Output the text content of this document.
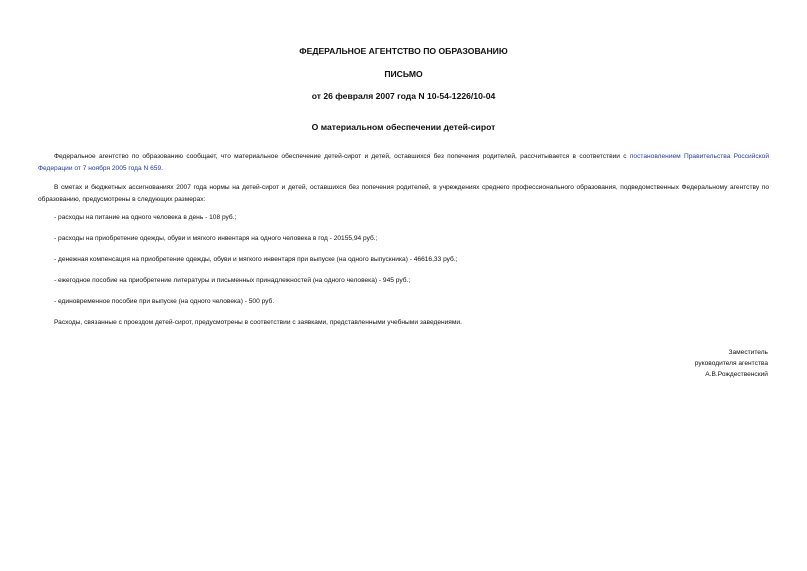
ФЕДЕРАЛЬНОЕ АГЕНТСТВО ПО ОБРАЗОВАНИЮ
ПИСЬМО
от 26 февраля 2007 года N 10-54-1226/10-04
О материальном обеспечении детей-сирот

Федеральное агентство по образованию сообщает, что материальное обеспечение детей-сирот и детей, оставшихся без попечения родителей, рассчитывается в соответствии с постановлением Правительства Российской Федерации от 7 ноября 2005 года N 659.

В сметах и бюджетных ассигнованиях 2007 года нормы на детей-сирот и детей, оставшихся без попечения родителей, в учреждениях среднего профессионального образования, подведомственных Федеральному агентству по образованию, предусмотрены в следующих размерах:

- расходы на питание на одного человека в день - 108 руб.;

- расходы на приобретение одежды, обуви и мягкого инвентаря на одного человека в год - 20155,94 руб.;

- денежная компенсация на приобретение одежды, обуви и мягкого инвентаря при выпуске (на одного выпускника) - 46616,33 руб.;

- ежегодное пособие на приобретение литературы и письменных принадлежностей (на одного человека) - 945 руб.;

- единовременное пособие при выпуске (на одного человека) - 500 руб.

Расходы, связанные с проездом детей-сирот, предусмотрены в соответствии с заявками, представленными учебными заведениями.

Заместитель
руководителя агентства
А.В.Рождественский
